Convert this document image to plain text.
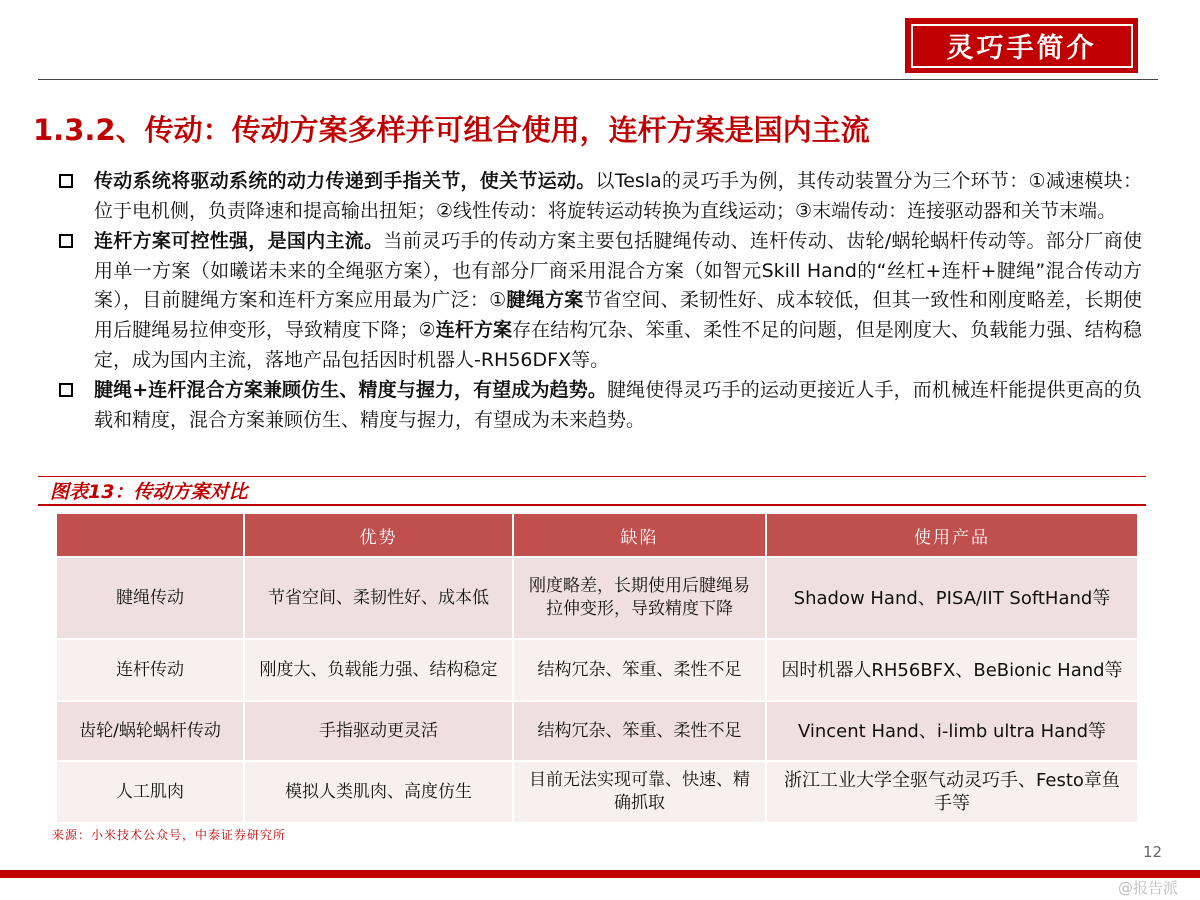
灵巧手简介
1.3.2、传动：传动方案多样并可组合使用，连杆方案是国内主流

传动系统将驱动系统的动力传递到手指关节，使关节运动。以Tesla的灵巧手为例，其传动装置分为三个环节：①减速模块：位于电机侧，负责降速和提高输出扭矩；②线性传动：将旋转运动转换为直线运动；③末端传动：连接驱动器和关节末端。

连杆方案可控性强，是国内主流。当前灵巧手的传动方案主要包括腱绳传动、连杆传动、齿轮/蜗轮蜗杆传动等。部分厂商使用单一方案（如曦诺未来的全绳驱方案），也有部分厂商采用混合方案（如智元Skill Hand的“丝杠+连杆+腱绳”混合传动方案），目前腱绳方案和连杆方案应用最为广泛：①腱绳方案节省空间、柔韧性好、成本较低，但其一致性和刚度略差，长期使用后腱绳易拉伸变形，导致精度下降；②连杆方案存在结构冗杂、笨重、柔性不足的问题，但是刚度大、负载能力强、结构稳定，成为国内主流，落地产品包括因时机器人-RH56DFX等。

腱绳+连杆混合方案兼顾仿生、精度与握力，有望成为趋势。腱绳使得灵巧手的运动更接近人手，而机械连杆能提供更高的负载和精度，混合方案兼顾仿生、精度与握力，有望成为未来趋势。

图表13：传动方案对比
	优势	缺陷	使用产品
腱绳传动	节省空间、柔韧性好、成本低	刚度略差，长期使用后腱绳易拉伸变形，导致精度下降	Shadow Hand、PISA/IIT SoftHand等
连杆传动	刚度大、负载能力强、结构稳定	结构冗杂、笨重、柔性不足	因时机器人RH56BFX、BeBionic Hand等
齿轮/蜗轮蜗杆传动	手指驱动更灵活	结构冗杂、笨重、柔性不足	Vincent Hand、i-limb ultra Hand等
人工肌肉	模拟人类肌肉、高度仿生	目前无法实现可靠、快速、精确抓取	浙江工业大学全驱气动灵巧手、Festo章鱼手等
来源：小米技术公众号，中泰证券研究所
12
@报告派
